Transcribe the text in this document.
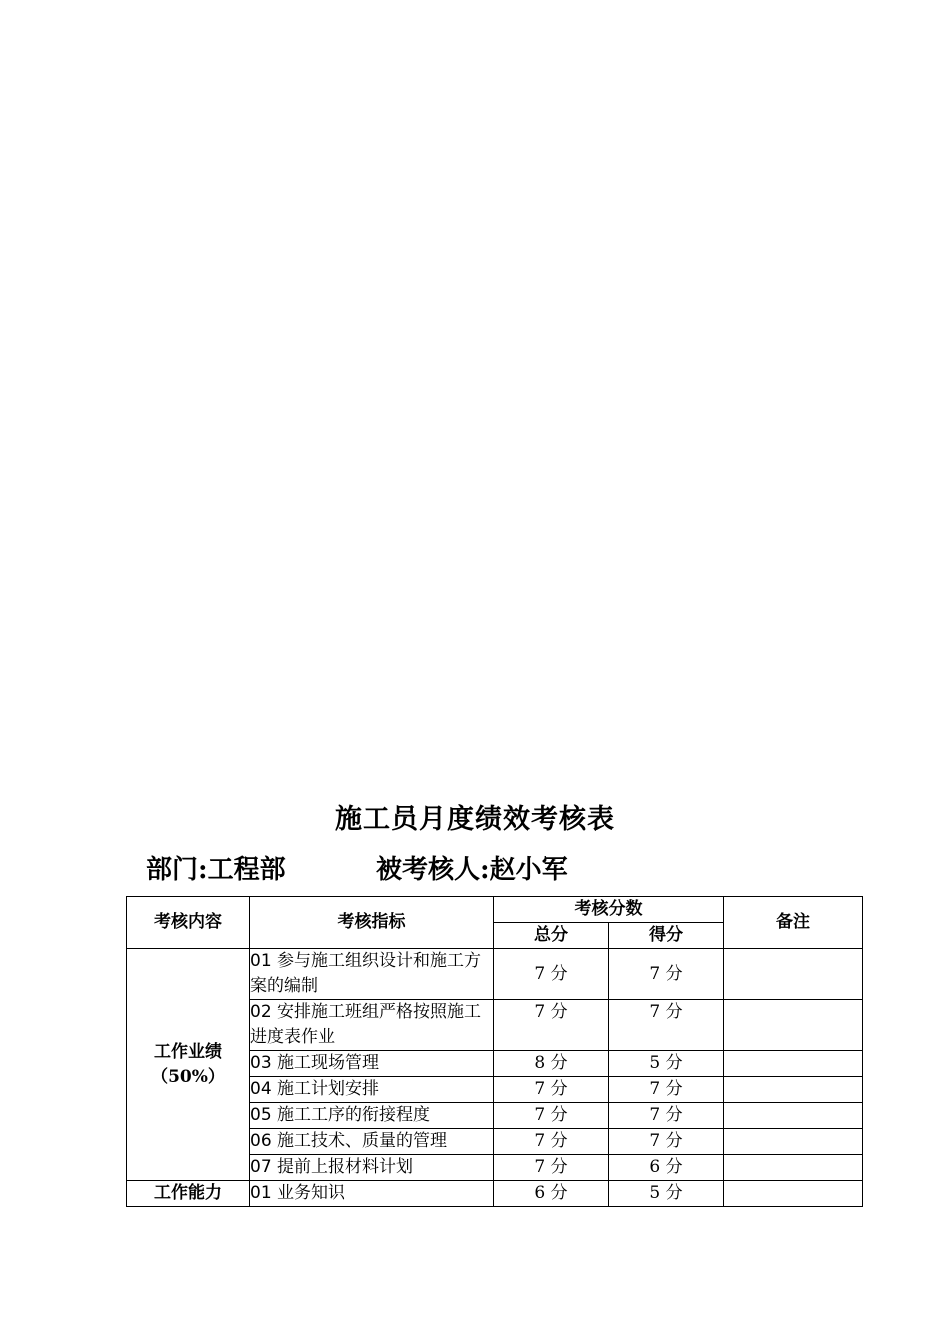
施工员月度绩效考核表
部门:工程部	被考核人:赵小军
考核内容	考核指标	考核分数		备注
		总分	得分	
工作业绩
（50%）	01 参与施工组织设计和施工方案的编制	7 分	7 分	
	02 安排施工班组严格按照施工进度表作业	7 分	7 分	
	03 施工现场管理	8 分	5 分	
	04 施工计划安排	7 分	7 分	
	05 施工工序的衔接程度	7 分	7 分	
	06 施工技术、质量的管理	7 分	7 分	
	07 提前上报材料计划	7 分	6 分	
工作能力	01 业务知识	6 分	5 分	
